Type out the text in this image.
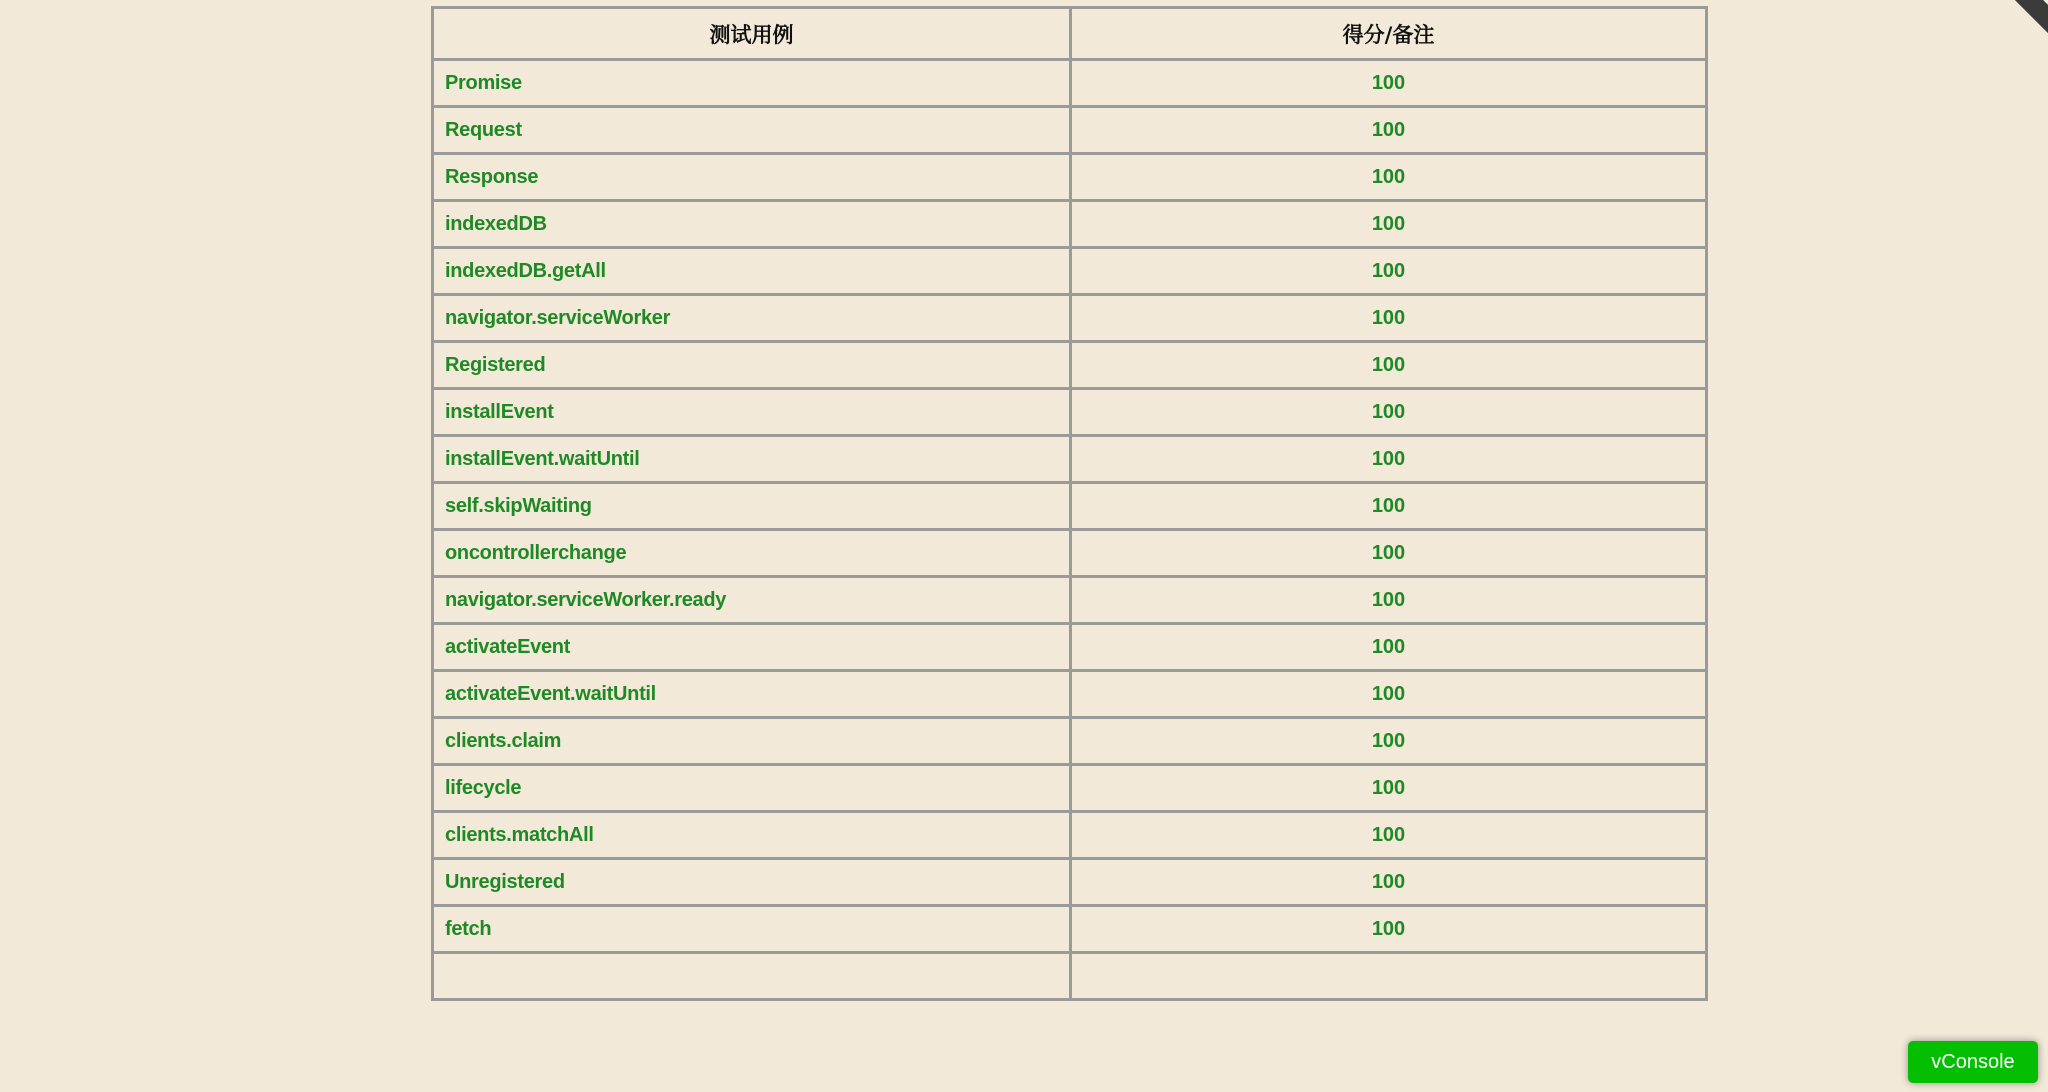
测试用例	得分/备注
Promise	100
Request	100
Response	100
indexedDB	100
indexedDB.getAll	100
navigator.serviceWorker	100
Registered	100
installEvent	100
installEvent.waitUntil	100
self.skipWaiting	100
oncontrollerchange	100
navigator.serviceWorker.ready	100
activateEvent	100
activateEvent.waitUntil	100
clients.claim	100
lifecycle	100
clients.matchAll	100
Unregistered	100
fetch	100

vConsole
